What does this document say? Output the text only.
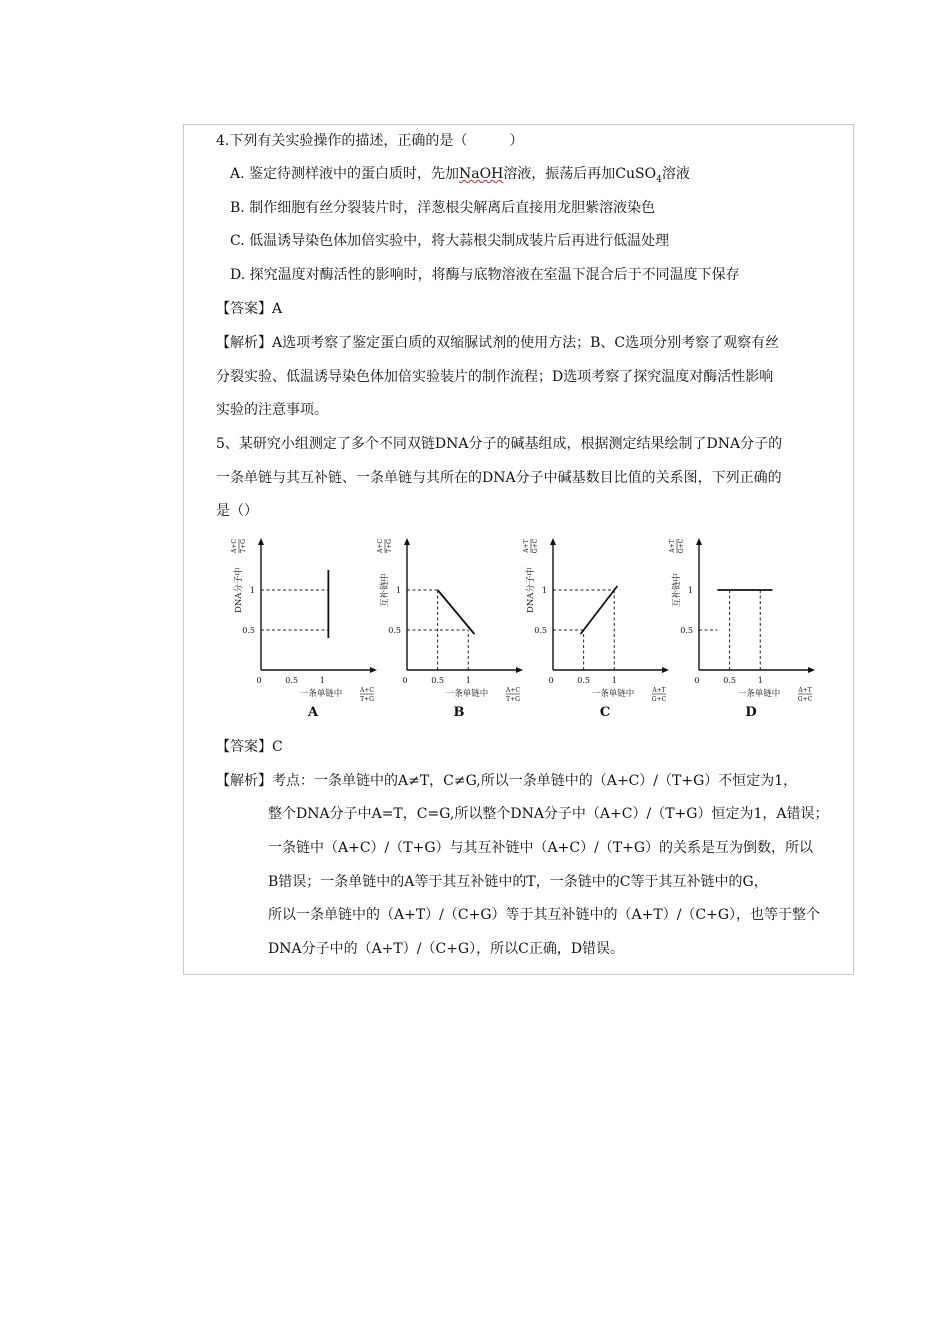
4.下列有关实验操作的描述，正确的是（　　　）
A. 鉴定待测样液中的蛋白质时，先加NaOH溶液，振荡后再加CuSO$_4$溶液
B. 制作细胞有丝分裂装片时，洋葱根尖解离后直接用龙胆紫溶液染色
C. 低温诱导染色体加倍实验中，将大蒜根尖制成装片后再进行低温处理
D. 探究温度对酶活性的影响时，将酶与底物溶液在室温下混合后于不同温度下保存
【答案】A
【解析】A选项考察了鉴定蛋白质的双缩脲试剂的使用方法；B、C选项分别考察了观察有丝
分裂实验、低温诱导染色体加倍实验装片的制作流程；D选项考察了探究温度对酶活性影响
实验的注意事项。
5、某研究小组测定了多个不同双链DNA分子的碱基组成，根据测定结果绘制了DNA分子的
一条单链与其互补链、一条单链与其所在的DNA分子中碱基数目比值的关系图，下列正确的
是（）
0.5
0.5
1
1
0
一条单链中	A+C
T+G
DNA分子中
A+C T+G
A
0.5
0.5
1
1
0
一条单链中	A+C
T+G
互补链中
A+C T+G
B
0.5
0.5
1
1
0
一条单链中	A+T
G+C
DNA分子中
A+T G+C
C
0.5
0.5
1
1
0
一条单链中	A+T
G+C
互补链中
A+T G+C
D
【答案】C
【解析】考点：一条单链中的A≠T，C≠G,所以一条单链中的（A+C）/（T+G）不恒定为1，
整个DNA分子中A=T，C=G,所以整个DNA分子中（A+C）/（T+G）恒定为1，A错误；
一条链中（A+C）/（T+G）与其互补链中（A+C）/（T+G）的关系是互为倒数，所以
B错误；一条单链中的A等于其互补链中的T，一条链中的C等于其互补链中的G，
所以一条单链中的（A+T）/（C+G）等于其互补链中的（A+T）/（C+G），也等于整个
DNA分子中的（A+T）/（C+G），所以C正确，D错误。
